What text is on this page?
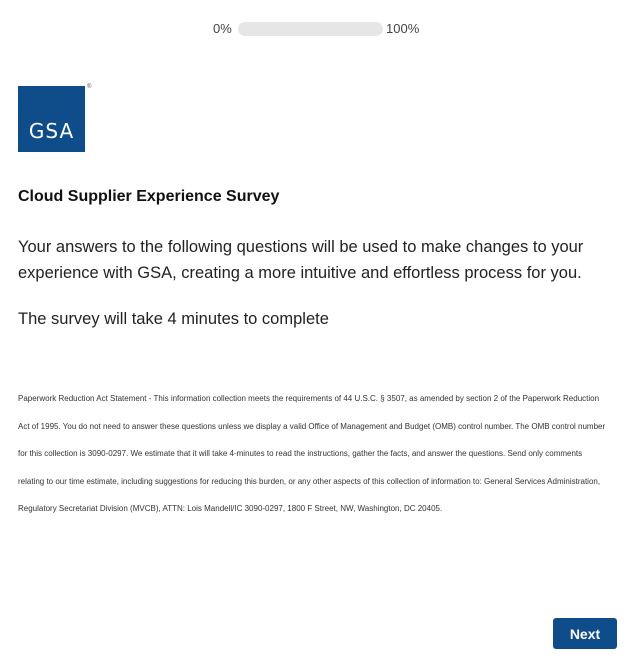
0%	100%
GSA
®
Cloud Supplier Experience Survey

Your answers to the following questions will be used to make changes to your experience with GSA, creating a more intuitive and effortless process for you.

The survey will take 4 minutes to complete

Paperwork Reduction Act Statement - This information collection meets the requirements of 44 U.S.C. § 3507, as amended by section 2 of the Paperwork Reduction Act of 1995. You do not need to answer these questions unless we display a valid Office of Management and Budget (OMB) control number. The OMB control number for this collection is 3090-0297. We estimate that it will take 4-minutes to read the instructions, gather the facts, and answer the questions. Send only comments relating to our time estimate, including suggestions for reducing this burden, or any other aspects of this collection of information to: General Services Administration, Regulatory Secretariat Division (MVCB), ATTN: Lois Mandell/IC 3090-0297, 1800 F Street, NW, Washington, DC 20405.

Next
